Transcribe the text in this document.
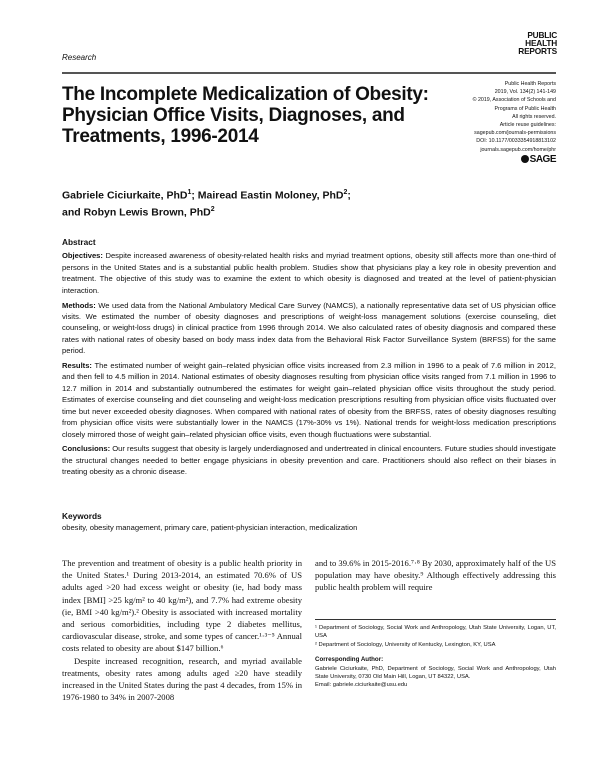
Research
PUBLIC
HEALTH
REPORTS
The Incomplete Medicalization of Obesity: Physician Office Visits, Diagnoses, and Treatments, 1996-2014
Public Health Reports
2019, Vol. 134(2) 141-149
© 2019, Association of Schools and
Programs of Public Health
All rights reserved.
Article reuse guidelines:
sagepub.com/journals-permissions
DOI: 10.1177/0033354918813102
journals.sagepub.com/home/phr
SAGE
Gabriele Ciciurkaite, PhD$^1$; Mairead Eastin Moloney, PhD$^2$;
and Robyn Lewis Brown, PhD$^2$
Abstract

Objectives: Despite increased awareness of obesity-related health risks and myriad treatment options, obesity still affects more than one-third of persons in the United States and is a substantial public health problem. Studies show that physicians play a key role in obesity prevention and treatment. The objective of this study was to examine the extent to which obesity is diagnosed and treated at the level of patient-physician interaction.

Methods: We used data from the National Ambulatory Medical Care Survey (NAMCS), a nationally representative data set of US physician office visits. We estimated the number of obesity diagnoses and prescriptions of weight-loss management solutions (exercise counseling, diet counseling, or weight-loss drugs) in clinical practice from 1996 through 2014. We also calculated rates of obesity diagnosis and compared these rates with national rates of obesity based on body mass index data from the Behavioral Risk Factor Surveillance System (BRFSS) for the same period.

Results: The estimated number of weight gain–related physician office visits increased from 2.3 million in 1996 to a peak of 7.6 million in 2012, and then fell to 4.5 million in 2014. National estimates of obesity diagnoses resulting from physician office visits ranged from 7.1 million in 1996 to 12.7 million in 2014 and substantially outnumbered the estimates for weight gain–related physician office visits throughout the study period. Estimates of exercise counseling and diet counseling and weight-loss medication prescriptions resulting from physician office visits fluctuated over time but never exceeded obesity diagnoses. When compared with national rates of obesity from the BRFSS, rates of obesity diagnoses resulting from physician office visits were substantially lower in the NAMCS (17%-30% vs 1%). National trends for weight-loss medication prescriptions closely mirrored those of weight gain–related physician office visits, even though fluctuations were substantial.

Conclusions: Our results suggest that obesity is largely underdiagnosed and undertreated in clinical encounters. Future studies should investigate the structural changes needed to better engage physicians in obesity prevention and care. Practitioners should also reflect on their biases in treating obesity as a chronic disease.

Keywords
obesity, obesity management, primary care, patient-physician interaction, medicalization

The prevention and treatment of obesity is a public health priority in the United States.¹ During 2013-2014, an estimated 70.6% of US adults aged >20 had excess weight or obesity (ie, had body mass index [BMI] >25 kg/m² to 40 kg/m²), and 7.7% had extreme obesity (ie, BMI >40 kg/m²).² Obesity is associated with increased mortality and serious comorbidities, including type 2 diabetes mellitus, cardiovascular disease, stroke, and some types of cancer.¹·³⁻⁵ Annual costs related to obesity are about $147 billion.⁶

Despite increased recognition, research, and myriad available treatments, obesity rates among adults aged ≥20 have steadily increased in the United States during the past 4 decades, from 15% in 1976-1980 to 34% in 2007-2008

and to 39.6% in 2015-2016.⁷·⁸ By 2030, approximately half of the US population may have obesity.⁹ Although effectively addressing this public health problem will require

¹ Department of Sociology, Social Work and Anthropology, Utah State University, Logan, UT, USA

² Department of Sociology, University of Kentucky, Lexington, KY, USA

Corresponding Author:

Gabriele Ciciurkaite, PhD, Department of Sociology, Social Work and Anthropology, Utah State University, 0730 Old Main Hill, Logan, UT 84322, USA.

Email: gabriele.ciciurkaite@usu.edu
